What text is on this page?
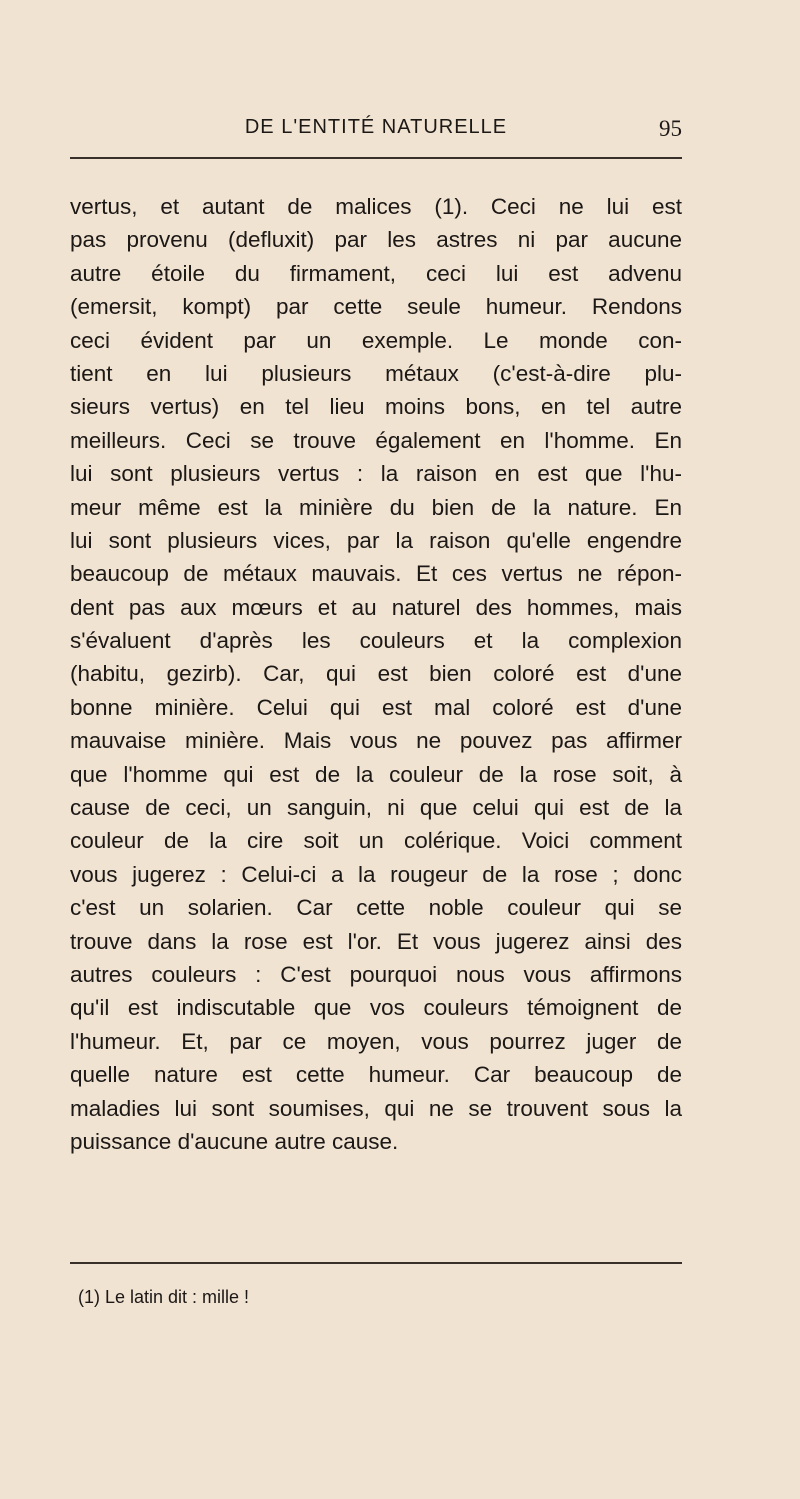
DE L'ENTITÉ NATURELLE	95
vertus, et autant de malices (1). Ceci ne lui est
pas provenu (defluxit) par les astres ni par aucune
autre étoile du firmament, ceci lui est advenu
(emersit, kompt) par cette seule humeur. Rendons
ceci évident par un exemple. Le monde con-
tient en lui plusieurs métaux (c'est-à-dire plu-
sieurs vertus) en tel lieu moins bons, en tel autre
meilleurs. Ceci se trouve également en l'homme. En
lui sont plusieurs vertus : la raison en est que l'hu-
meur même est la minière du bien de la nature. En
lui sont plusieurs vices, par la raison qu'elle engendre
beaucoup de métaux mauvais. Et ces vertus ne répon-
dent pas aux mœurs et au naturel des hommes, mais
s'évaluent d'après les couleurs et la complexion
(habitu, gezirb). Car, qui est bien coloré est d'une
bonne minière. Celui qui est mal coloré est d'une
mauvaise minière. Mais vous ne pouvez pas affirmer
que l'homme qui est de la couleur de la rose soit, à
cause de ceci, un sanguin, ni que celui qui est de la
couleur de la cire soit un colérique. Voici comment
vous jugerez : Celui-ci a la rougeur de la rose ; donc
c'est un solarien. Car cette noble couleur qui se
trouve dans la rose est l'or. Et vous jugerez ainsi des
autres couleurs : C'est pourquoi nous vous affirmons
qu'il est indiscutable que vos couleurs témoignent de
l'humeur. Et, par ce moyen, vous pourrez juger de
quelle nature est cette humeur. Car beaucoup de
maladies lui sont soumises, qui ne se trouvent sous la
puissance d'aucune autre cause.

(1) Le latin dit : mille !
